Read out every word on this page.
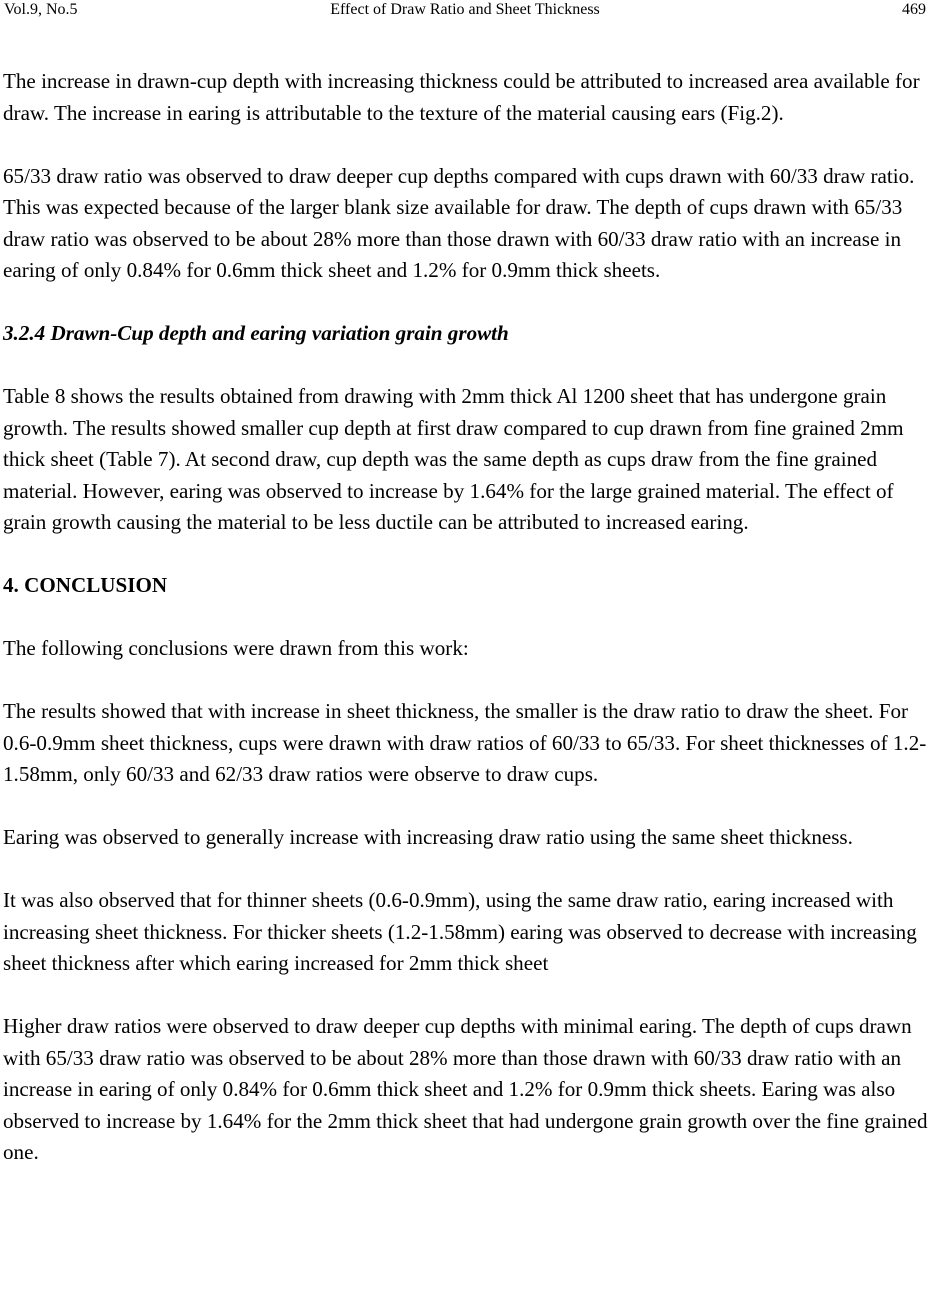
Vol.9, No.5	Effect of Draw Ratio and Sheet Thickness	469

The increase in drawn-cup depth with increasing thickness could be attributed to increased area available for draw. The increase in earing is attributable to the texture of the material causing ears (Fig.2).

65/33 draw ratio was observed to draw deeper cup depths compared with cups drawn with 60/33 draw ratio. This was expected because of the larger blank size available for draw. The depth of cups drawn with 65/33 draw ratio was observed to be about 28% more than those drawn with 60/33 draw ratio with an increase in earing of only 0.84% for 0.6mm thick sheet and 1.2% for 0.9mm thick sheets.

3.2.4 Drawn-Cup depth and earing variation grain growth

Table 8 shows the results obtained from drawing with 2mm thick Al 1200 sheet that has undergone grain growth. The results showed smaller cup depth at first draw compared to cup drawn from fine grained 2mm thick sheet (Table 7). At second draw, cup depth was the same depth as cups draw from the fine grained material. However, earing was observed to increase by 1.64% for the large grained material. The effect of grain growth causing the material to be less ductile can be attributed to increased earing.

4. CONCLUSION

The following conclusions were drawn from this work:

The results showed that with increase in sheet thickness, the smaller is the draw ratio to draw the sheet. For 0.6-0.9mm sheet thickness, cups were drawn with draw ratios of 60/33 to 65/33. For sheet thicknesses of 1.2-1.58mm, only 60/33 and 62/33 draw ratios were observe to draw cups.

Earing was observed to generally increase with increasing draw ratio using the same sheet thickness.

It was also observed that for thinner sheets (0.6-0.9mm), using the same draw ratio, earing increased with increasing sheet thickness. For thicker sheets (1.2-1.58mm) earing was observed to decrease with increasing sheet thickness after which earing increased for 2mm thick sheet

Higher draw ratios were observed to draw deeper cup depths with minimal earing. The depth of cups drawn with 65/33 draw ratio was observed to be about 28% more than those drawn with 60/33 draw ratio with an increase in earing of only 0.84% for 0.6mm thick sheet and 1.2% for 0.9mm thick sheets. Earing was also observed to increase by 1.64% for the 2mm thick sheet that had undergone grain growth over the fine grained one.
